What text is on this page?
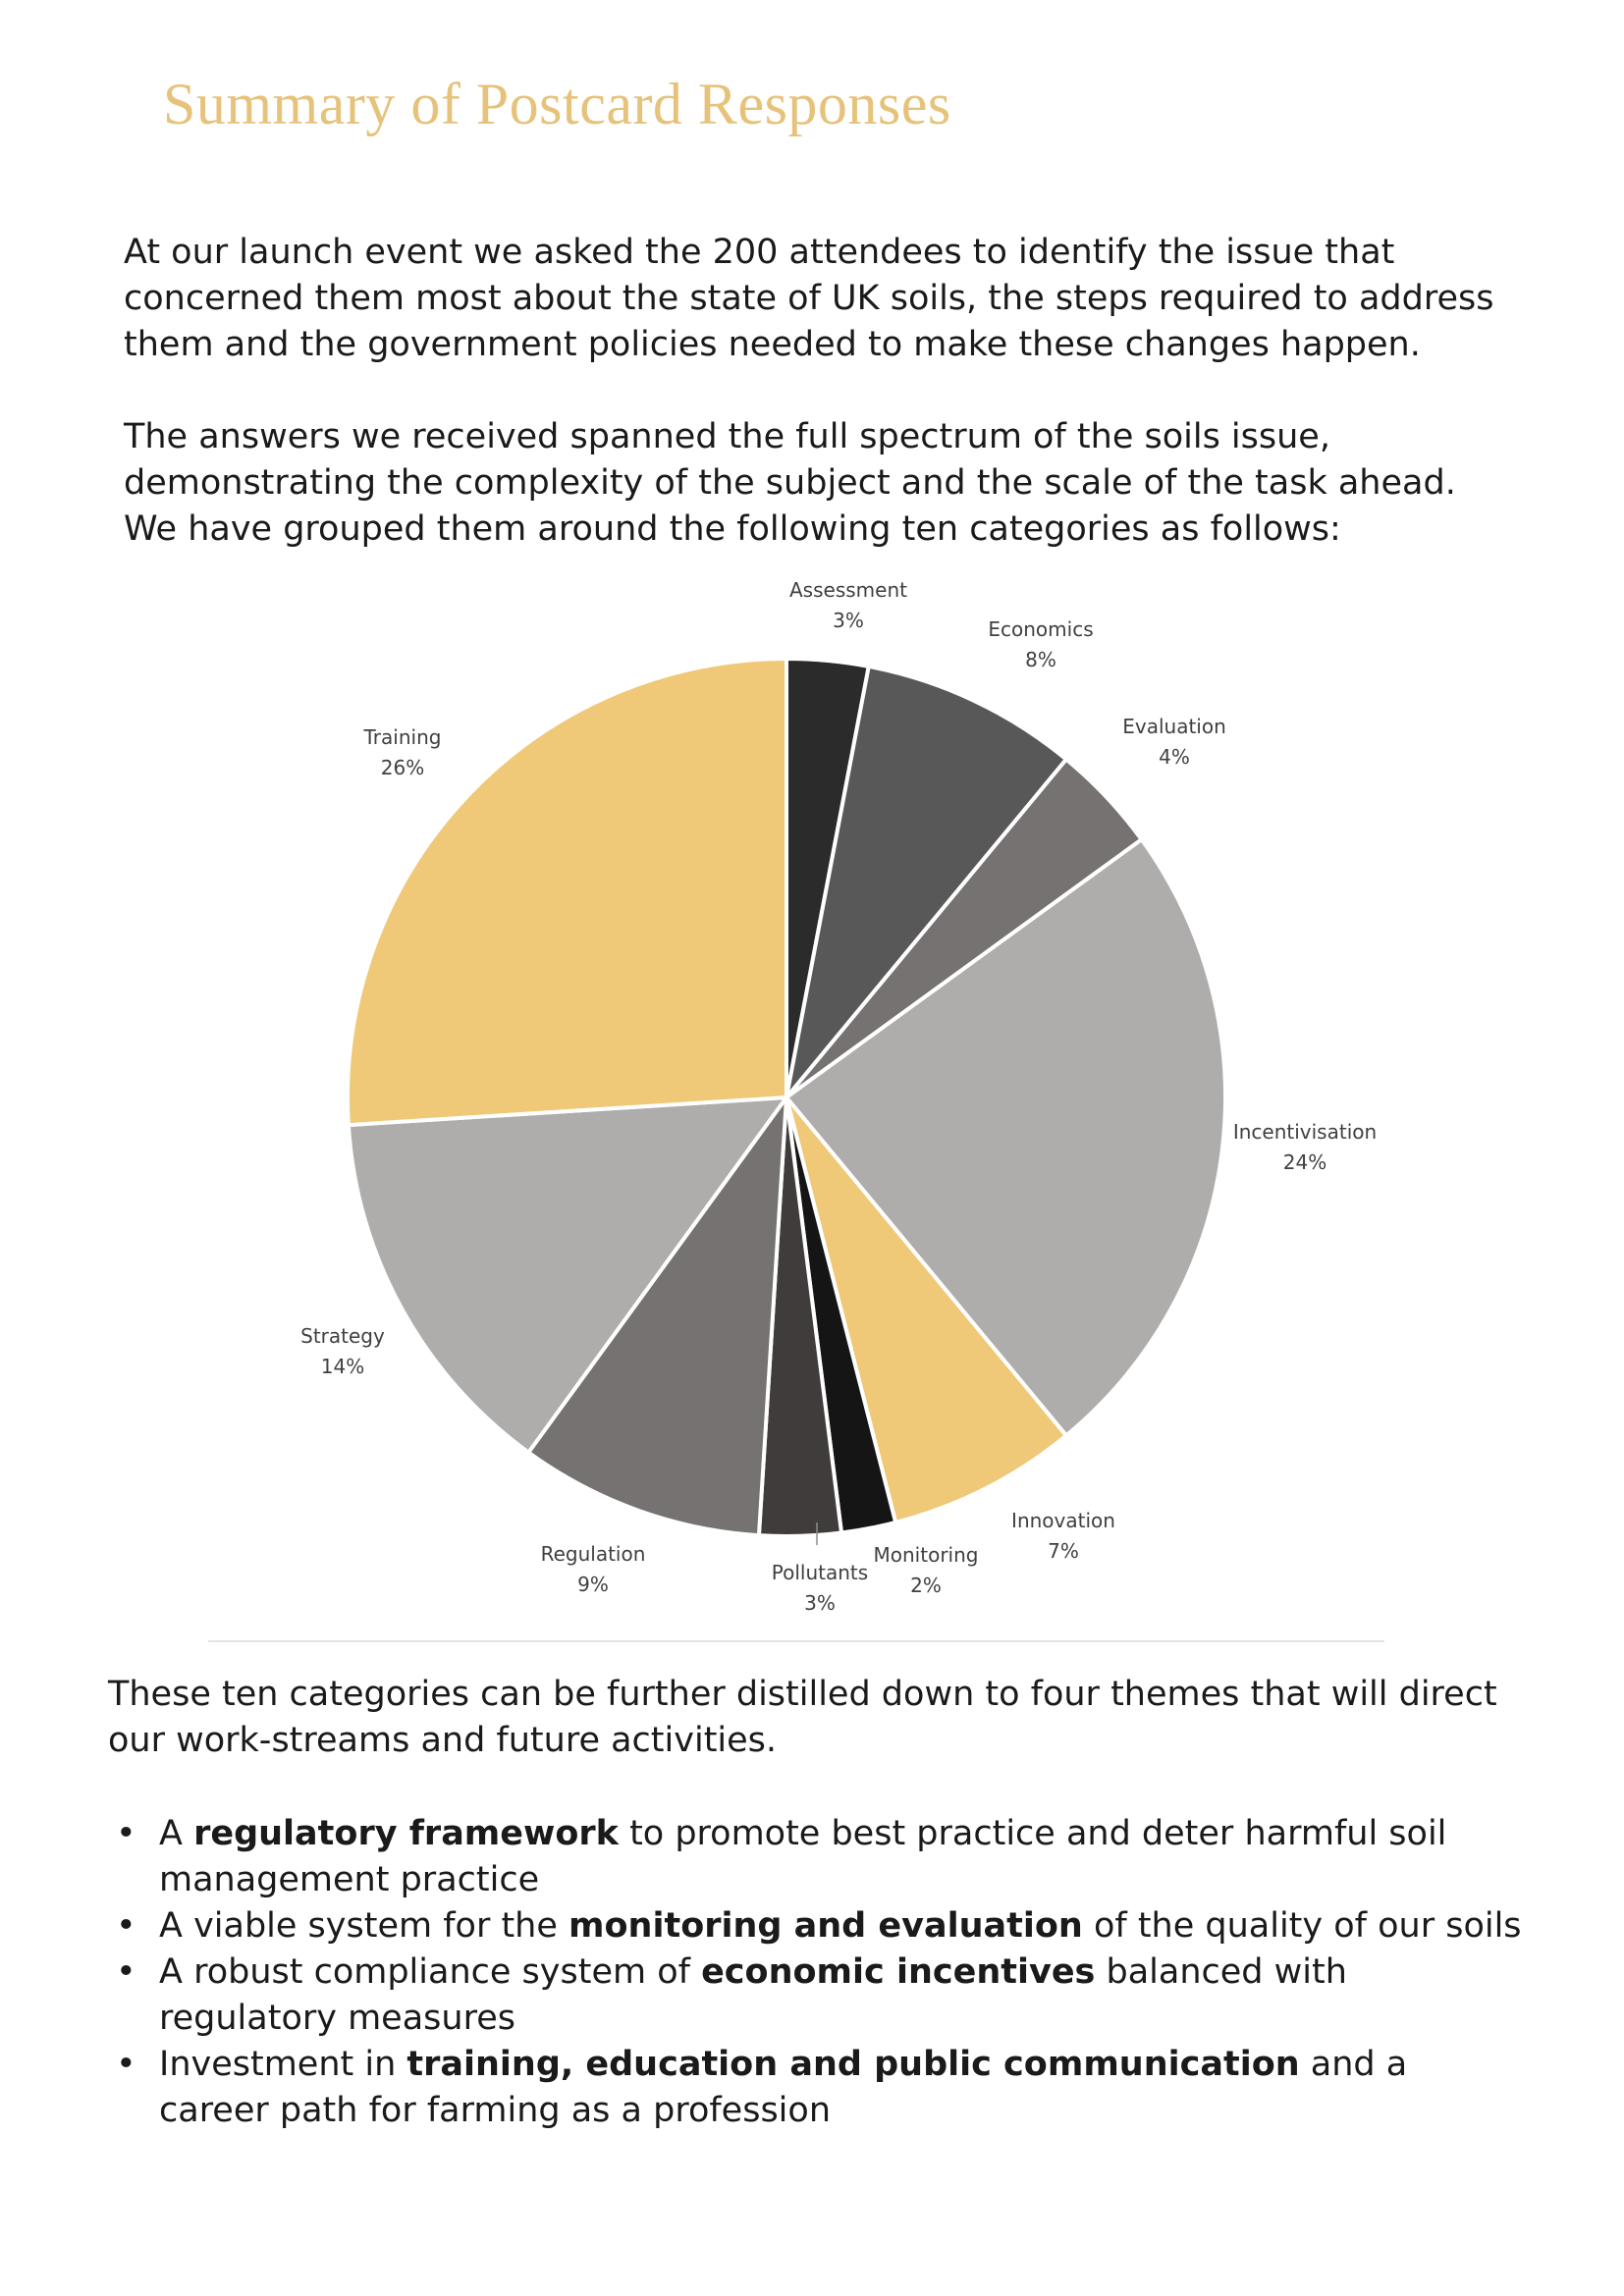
Summary of Postcard Responses
At our launch event we asked the 200 attendees to identify the issue that concerned them most about the state of UK soils, the steps required to address them and the government policies needed to make these changes happen.
The answers we received spanned the full spectrum of the soils issue, demonstrating the complexity of the subject and the scale of the task ahead. We have grouped them around the following ten categories as follows:
Assessment
3%	Economics
8%
Evaluation
4%
Incentivisation
24%
Innovation
7%
Monitoring
2%
Pollutants
3%
Regulation
9%
Strategy
14%
Training
26%
These ten categories can be further distilled down to four themes that will direct our work-streams and future activities.
• A regulatory framework to promote best practice and deter harmful soil management practice
• A viable system for the monitoring and evaluation of the quality of our soils
• A robust compliance system of economic incentives balanced with regulatory measures
• Investment in training, education and public communication and a career path for farming as a profession
